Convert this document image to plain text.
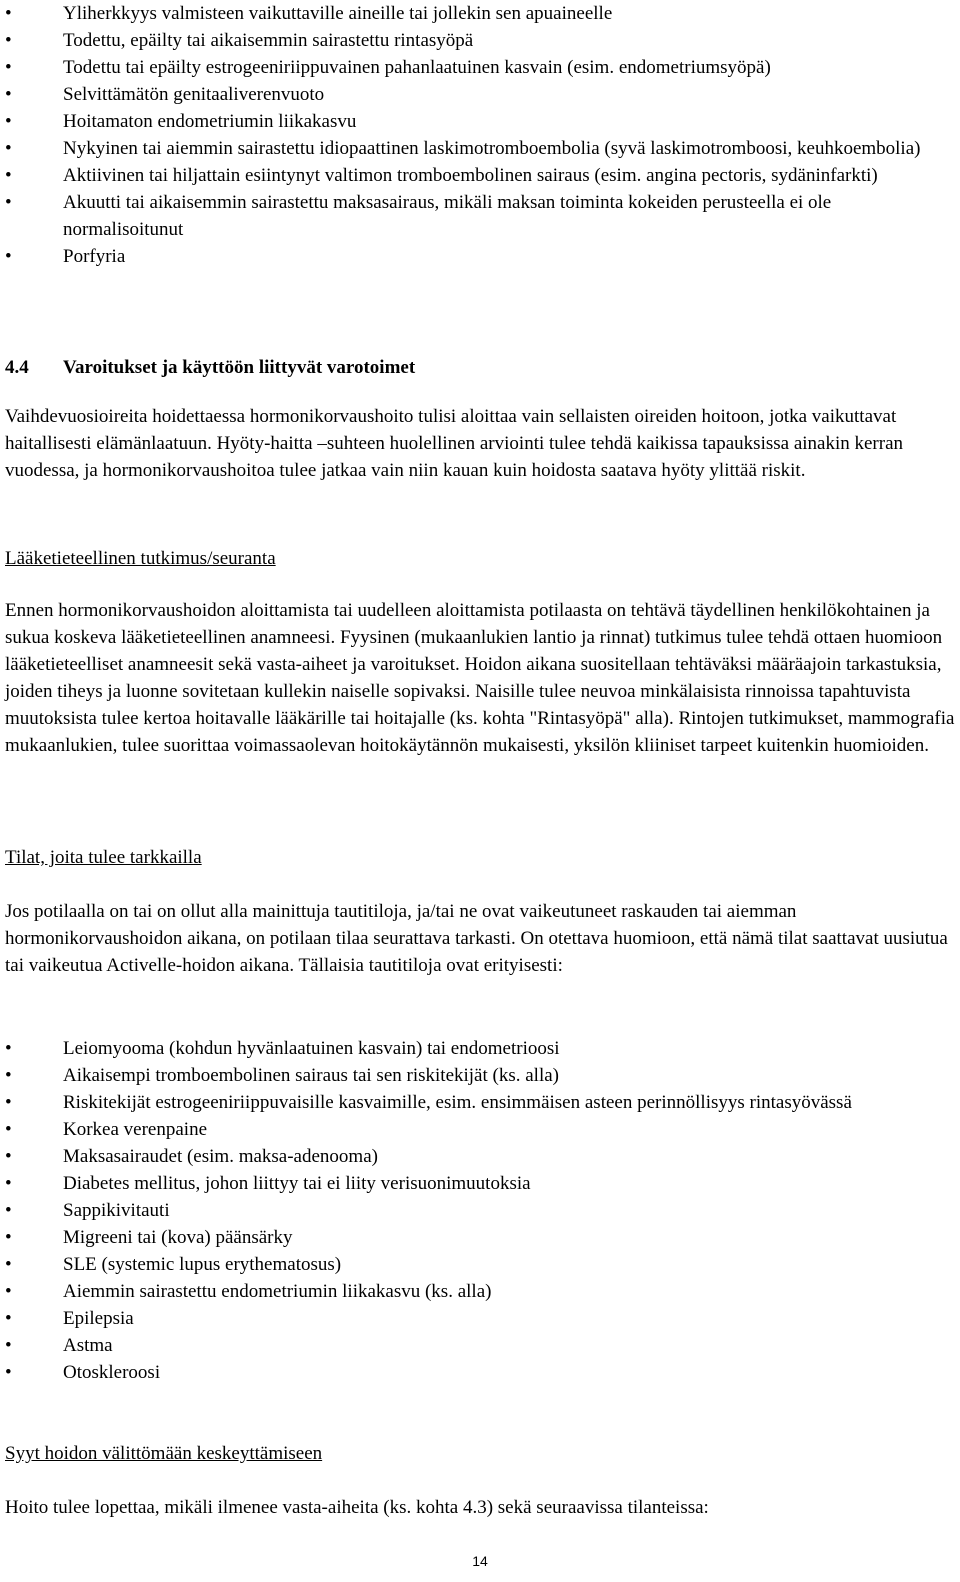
•	Yliherkkyys valmisteen vaikuttaville aineille tai jollekin sen apuaineelle
•	Todettu, epäilty tai aikaisemmin sairastettu rintasyöpä
•	Todettu tai epäilty estrogeeniriippuvainen pahanlaatuinen kasvain (esim. endometriumsyöpä)
•	Selvittämätön genitaaliverenvuoto
•	Hoitamaton endometriumin liikakasvu
•	Nykyinen tai aiemmin sairastettu idiopaattinen laskimotromboembolia (syvä laskimotromboosi, keuhkoembolia)
•	Aktiivinen tai hiljattain esiintynyt valtimon tromboembolinen sairaus (esim. angina pectoris, sydäninfarkti)
•	Akuutti tai aikaisemmin sairastettu maksasairaus, mikäli maksan toiminta kokeiden perusteella ei ole normalisoitunut
•	Porfyria
4.4 Varoitukset ja käyttöön liittyvät varotoimet

Vaihdevuosioireita hoidettaessa hormonikorvaushoito tulisi aloittaa vain sellaisten oireiden hoitoon, jotka vaikuttavat haitallisesti elämänlaatuun. Hyöty-haitta –suhteen huolellinen arviointi tulee tehdä kaikissa tapauksissa ainakin kerran vuodessa, ja hormonikorvaushoitoa tulee jatkaa vain niin kauan kuin hoidosta saatava hyöty ylittää riskit.

Lääketieteellinen tutkimus/seuranta

Ennen hormonikorvaushoidon aloittamista tai uudelleen aloittamista potilaasta on tehtävä täydellinen henkilökohtainen ja sukua koskeva lääketieteellinen anamneesi. Fyysinen (mukaanlukien lantio ja rinnat) tutkimus tulee tehdä ottaen huomioon lääketieteelliset anamneesit sekä vasta-aiheet ja varoitukset. Hoidon aikana suositellaan tehtäväksi määräajoin tarkastuksia, joiden tiheys ja luonne sovitetaan kullekin naiselle sopivaksi. Naisille tulee neuvoa minkälaisista rinnoissa tapahtuvista muutoksista tulee kertoa hoitavalle lääkärille tai hoitajalle (ks. kohta "Rintasyöpä" alla). Rintojen tutkimukset, mammografia mukaanlukien, tulee suorittaa voimassaolevan hoitokäytännön mukaisesti, yksilön kliiniset tarpeet kuitenkin huomioiden.

Tilat, joita tulee tarkkailla

Jos potilaalla on tai on ollut alla mainittuja tautitiloja, ja/tai ne ovat vaikeutuneet raskauden tai aiemman hormonikorvaushoidon aikana, on potilaan tilaa seurattava tarkasti. On otettava huomioon, että nämä tilat saattavat uusiutua tai vaikeutua Activelle-hoidon aikana. Tällaisia tautitiloja ovat erityisesti:

•	Leiomyooma (kohdun hyvänlaatuinen kasvain) tai endometrioosi
•	Aikaisempi tromboembolinen sairaus tai sen riskitekijät (ks. alla)
•	Riskitekijät estrogeeniriippuvaisille kasvaimille, esim. ensimmäisen asteen perinnöllisyys rintasyövässä
•	Korkea verenpaine
•	Maksasairaudet (esim. maksa-adenooma)
•	Diabetes mellitus, johon liittyy tai ei liity verisuonimuutoksia
•	Sappikivitauti
•	Migreeni tai (kova) päänsärky
•	SLE (systemic lupus erythematosus)
•	Aiemmin sairastettu endometriumin liikakasvu (ks. alla)
•	Epilepsia
•	Astma
•	Otoskleroosi

Syyt hoidon välittömään keskeyttämiseen

Hoito tulee lopettaa, mikäli ilmenee vasta-aiheita (ks. kohta 4.3) sekä seuraavissa tilanteissa:

14
